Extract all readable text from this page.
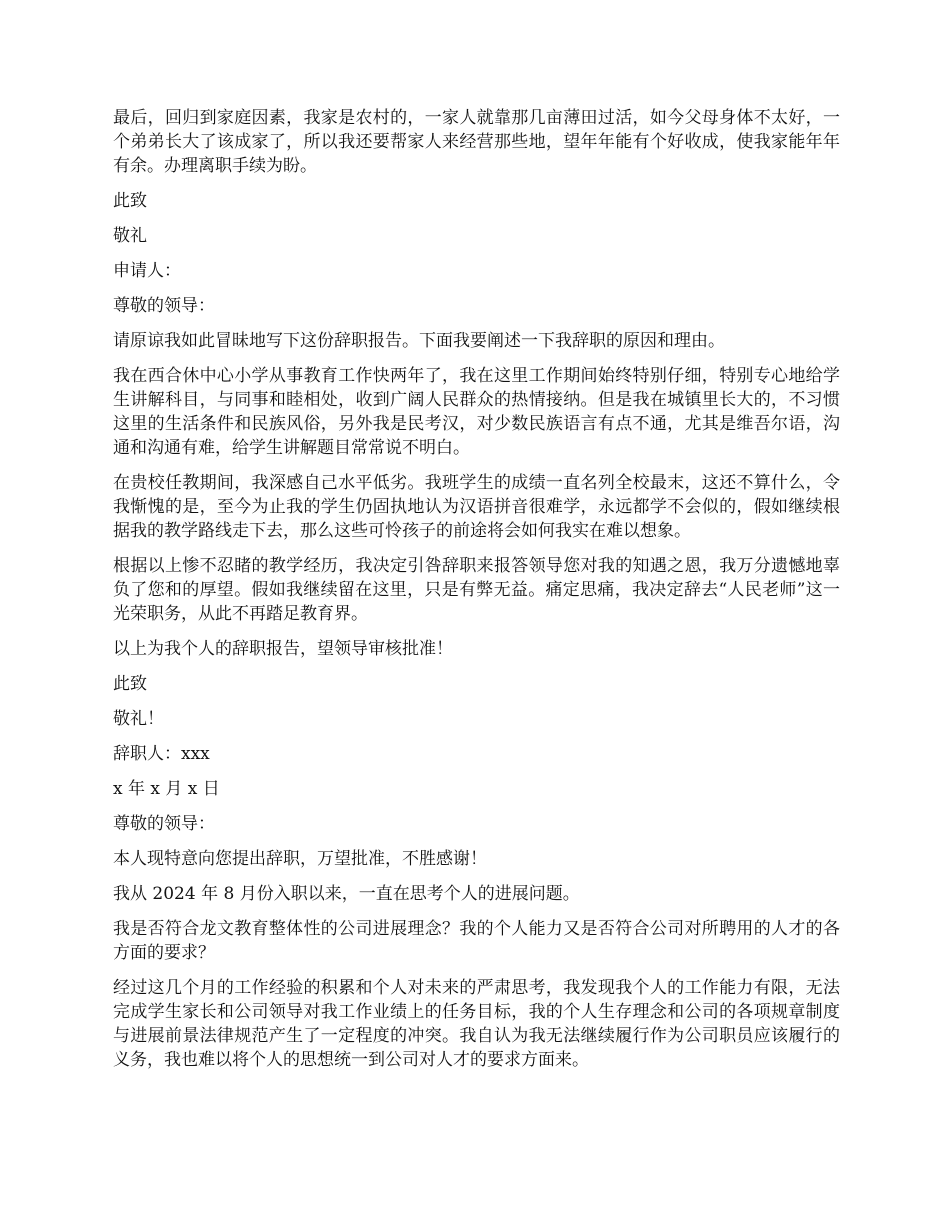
最后，回归到家庭因素，我家是农村的，一家人就靠那几亩薄田过活，如今父母身体不太好，一个弟弟长大了该成家了，所以我还要帮家人来经营那些地，望年年能有个好收成，使我家能年年有余。办理离职手续为盼。

此致

敬礼

申请人：

尊敬的领导：

请原谅我如此冒昧地写下这份辞职报告。下面我要阐述一下我辞职的原因和理由。

我在西合休中心小学从事教育工作快两年了，我在这里工作期间始终特别仔细，特别专心地给学生讲解科目，与同事和睦相处，收到广阔人民群众的热情接纳。但是我在城镇里长大的，不习惯这里的生活条件和民族风俗，另外我是民考汉，对少数民族语言有点不通，尤其是维吾尔语，沟通和沟通有难，给学生讲解题目常常说不明白。

在贵校任教期间，我深感自己水平低劣。我班学生的成绩一直名列全校最末，这还不算什么，令我惭愧的是，至今为止我的学生仍固执地认为汉语拼音很难学，永远都学不会似的，假如继续根据我的教学路线走下去，那么这些可怜孩子的前途将会如何我实在难以想象。

根据以上惨不忍睹的教学经历，我决定引咎辞职来报答领导您对我的知遇之恩，我万分遗憾地辜负了您和的厚望。假如我继续留在这里，只是有弊无益。痛定思痛，我决定辞去“人民老师”这一光荣职务，从此不再踏足教育界。

以上为我个人的辞职报告，望领导审核批准！

此致

敬礼！

辞职人：xxx

x 年 x 月 x 日

尊敬的领导：

本人现特意向您提出辞职，万望批准，不胜感谢！

我从 2024 年 8 月份入职以来，一直在思考个人的进展问题。

我是否符合龙文教育整体性的公司进展理念？我的个人能力又是否符合公司对所聘用的人才的各方面的要求？

经过这几个月的工作经验的积累和个人对未来的严肃思考，我发现我个人的工作能力有限，无法完成学生家长和公司领导对我工作业绩上的任务目标，我的个人生存理念和公司的各项规章制度与进展前景法律规范产生了一定程度的冲突。我自认为我无法继续履行作为公司职员应该履行的义务，我也难以将个人的思想统一到公司对人才的要求方面来。
